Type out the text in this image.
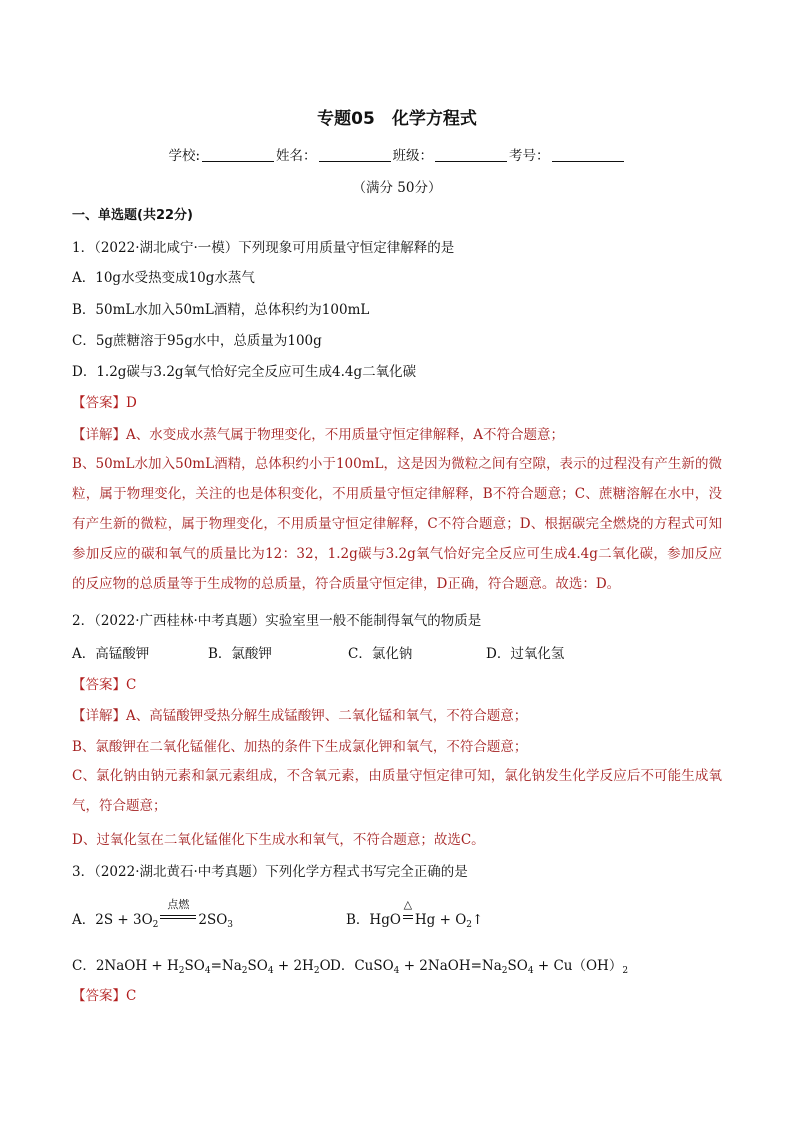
专题05　化学方程式
学校:	姓名：	班级：	考号：
（满分 50分）
一、单选题(共22分)
1．（2022·湖北咸宁·一模）下列现象可用质量守恒定律解释的是
A．10g水受热变成10g水蒸气
B．50mL水加入50mL酒精，总体积约为100mL
C．5g蔗糖溶于95g水中，总质量为100g
D．1.2g碳与3.2g氧气恰好完全反应可生成4.4g二氧化碳
【答案】D
【详解】A、水变成水蒸气属于物理变化，不用质量守恒定律解释，A不符合题意；
B、50mL水加入50mL酒精，总体积约小于100mL，这是因为微粒之间有空隙，表示的过程没有产生新的微粒，属于物理变化，关注的也是体积变化，不用质量守恒定律解释，B不符合题意；C、蔗糖溶解在水中，没有产生新的微粒，属于物理变化，不用质量守恒定律解释，C不符合题意；D、根据碳完全燃烧的方程式可知参加反应的碳和氧气的质量比为12：32，1.2g碳与3.2g氧气恰好完全反应可生成4.4g二氧化碳，参加反应的反应物的总质量等于生成物的总质量，符合质量守恒定律，D正确，符合题意。故选：D。
2．（2022·广西桂林·中考真题）实验室里一般不能制得氧气的物质是
A．高锰酸钾	B．氯酸钾	C．氯化钠	D．过氧化氢
【答案】C
【详解】A、高锰酸钾受热分解生成锰酸钾、二氧化锰和氧气，不符合题意；
B、氯酸钾在二氧化锰催化、加热的条件下生成氯化钾和氧气，不符合题意；
C、氯化钠由钠元素和氯元素组成，不含氧元素，由质量守恒定律可知，氯化钠发生化学反应后不可能生成氧气，符合题意；
D、过氧化氢在二氧化锰催化下生成水和氧气，不符合题意；故选C。
3．（2022·湖北黄石·中考真题）下列化学方程式书写完全正确的是
A．$2S + 3O_2$
点燃
$2SO_3$	B．HgO
△
$Hg + O_2↑$
C．2NaOH + $H_2SO_4=Na_2SO_4 + 2H_2O$ D．CuSO$_4$ + $2NaOH=Na_2SO_4 + Cu(OH)_2$
【答案】C
